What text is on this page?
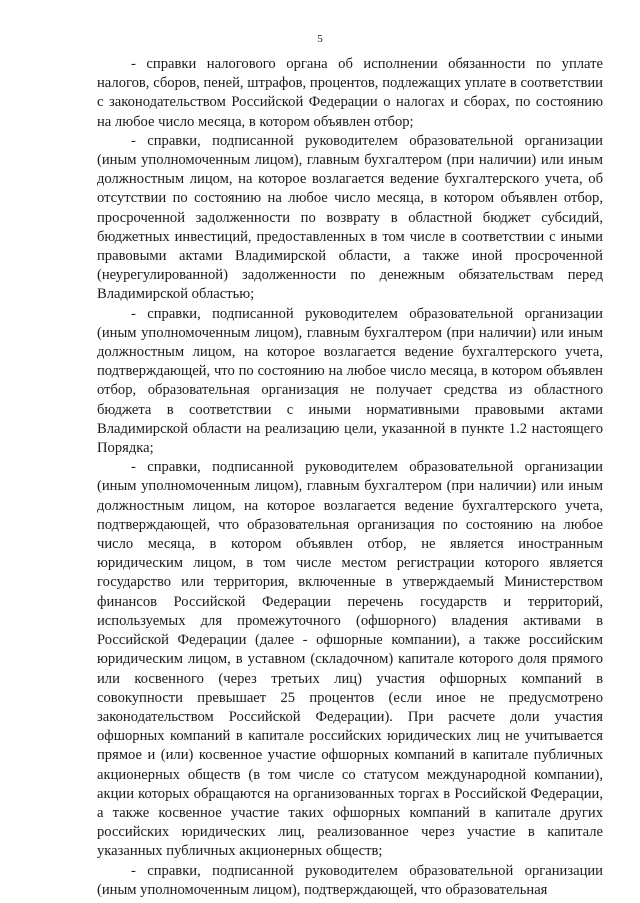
5

- справки налогового органа об исполнении обязанности по уплате налогов, сборов, пеней, штрафов, процентов, подлежащих уплате в соответствии с законодательством Российской Федерации о налогах и сборах, по состоянию на любое число месяца, в котором объявлен отбор;

- справки, подписанной руководителем образовательной организации (иным уполномоченным лицом), главным бухгалтером (при наличии) или иным должностным лицом, на которое возлагается ведение бухгалтерского учета, об отсутствии по состоянию на любое число месяца, в котором объявлен отбор, просроченной задолженности по возврату в областной бюджет субсидий, бюджетных инвестиций, предоставленных в том числе в соответствии с иными правовыми актами Владимирской области, а также иной просроченной (неурегулированной) задолженности по денежным обязательствам перед Владимирской областью;

- справки, подписанной руководителем образовательной организации (иным уполномоченным лицом), главным бухгалтером (при наличии) или иным должностным лицом, на которое возлагается ведение бухгалтерского учета, подтверждающей, что по состоянию на любое число месяца, в котором объявлен отбор, образовательная организация не получает средства из областного бюджета в соответствии с иными нормативными правовыми актами Владимирской области на реализацию цели, указанной в пункте 1.2 настоящего Порядка;

- справки, подписанной руководителем образовательной организации (иным уполномоченным лицом), главным бухгалтером (при наличии) или иным должностным лицом, на которое возлагается ведение бухгалтерского учета, подтверждающей, что образовательная организация по состоянию на любое число месяца, в котором объявлен отбор, не является иностранным юридическим лицом, в том числе местом регистрации которого является государство или территория, включенные в утверждаемый Министерством финансов Российской Федерации перечень государств и территорий, используемых для промежуточного (офшорного) владения активами в Российской Федерации (далее - офшорные компании), а также российским юридическим лицом, в уставном (складочном) капитале которого доля прямого или косвенного (через третьих лиц) участия офшорных компаний в совокупности превышает 25 процентов (если иное не предусмотрено законодательством Российской Федерации). При расчете доли участия офшорных компаний в капитале российских юридических лиц не учитывается прямое и (или) косвенное участие офшорных компаний в капитале публичных акционерных обществ (в том числе со статусом международной компании), акции которых обращаются на организованных торгах в Российской Федерации, а также косвенное участие таких офшорных компаний в капитале других российских юридических лиц, реализованное через участие в капитале указанных публичных акционерных обществ;

- справки, подписанной руководителем образовательной организации (иным уполномоченным лицом), подтверждающей, что образовательная
